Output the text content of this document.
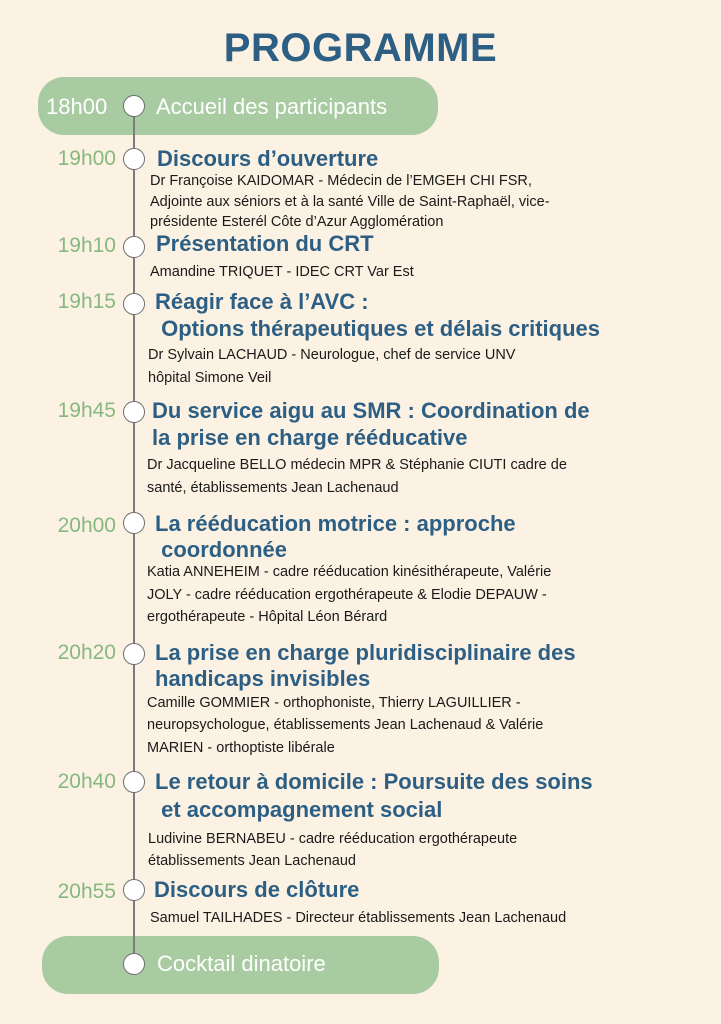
PROGRAMME
18h00 Accueil des participants
19h00 Discours d’ouverture
Dr Françoise KAIDOMAR - Médecin de l’EMGEH CHI FSR,
Adjointe aux séniors et à la santé Ville de Saint-Raphaël, vice-
présidente Esterél Côte d’Azur Agglomération
19h10 Présentation du CRT
Amandine TRIQUET - IDEC CRT Var Est
19h15 Réagir face à l’AVC :
Options thérapeutiques et délais critiques
Dr Sylvain LACHAUD - Neurologue, chef de service UNV
hôpital Simone Veil
19h45 Du service aigu au SMR : Coordination de
la prise en charge rééducative
Dr Jacqueline BELLO médecin MPR & Stéphanie CIUTI cadre de
santé, établissements Jean Lachenaud
20h00 La rééducation motrice : approche
coordonnée
Katia ANNEHEIM - cadre rééducation kinésithérapeute, Valérie
JOLY - cadre rééducation ergothérapeute & Elodie DEPAUW -
ergothérapeute - Hôpital Léon Bérard
20h20 La prise en charge pluridisciplinaire des
handicaps invisibles
Camille GOMMIER - orthophoniste, Thierry LAGUILLIER -
neuropsychologue, établissements Jean Lachenaud & Valérie
MARIEN - orthoptiste libérale
20h40 Le retour à domicile : Poursuite des soins
et accompagnement social
Ludivine BERNABEU - cadre rééducation ergothérapeute
établissements Jean Lachenaud
20h55 Discours de clôture
Samuel TAILHADES - Directeur établissements Jean Lachenaud
Cocktail dinatoire
